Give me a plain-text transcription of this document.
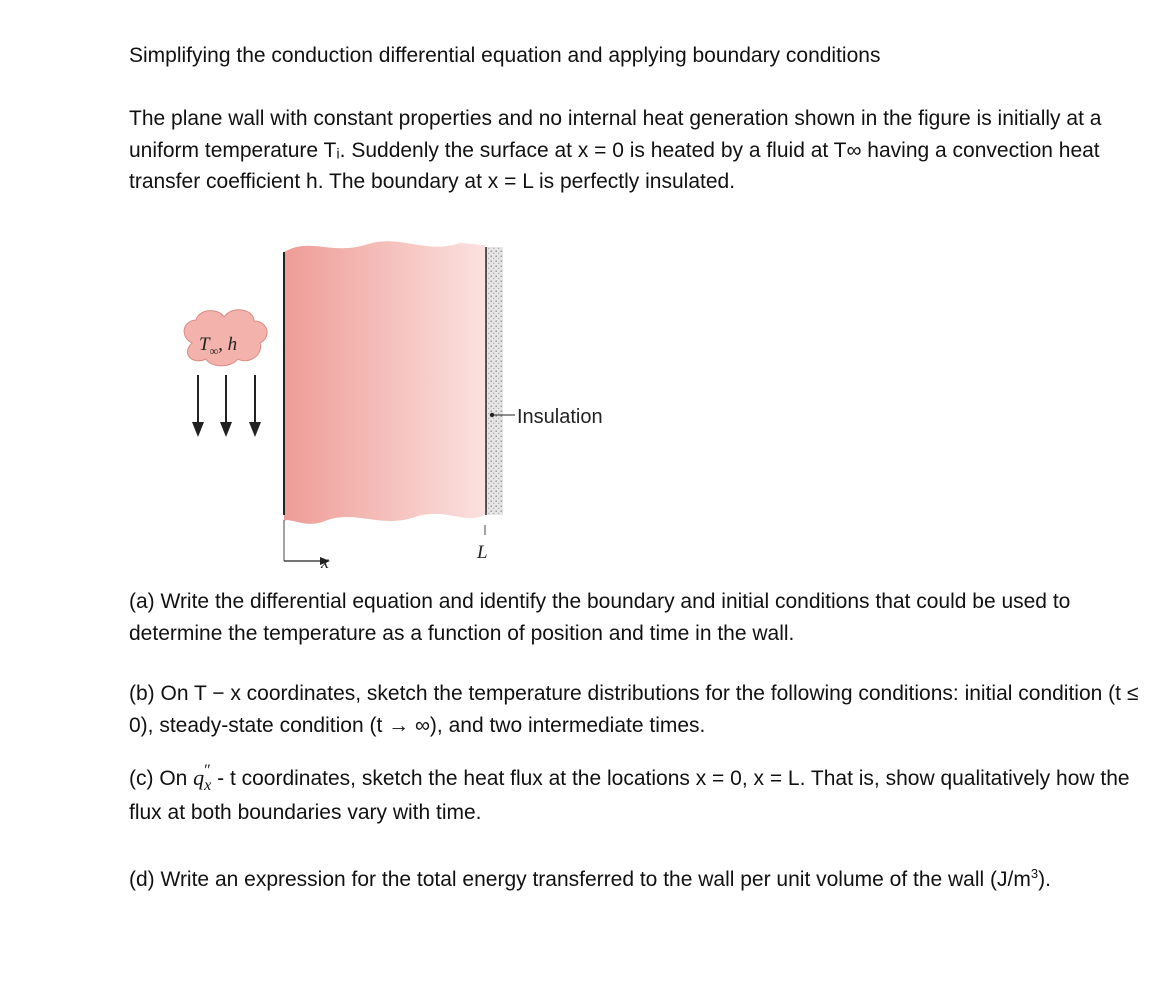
Simplifying the conduction differential equation and applying boundary conditions
The plane wall with constant properties and no internal heat generation shown in the figure is initially at a uniform temperature Tᵢ. Suddenly the surface at x = 0 is heated by a fluid at T∞ having a convection heat transfer coefficient h. The boundary at x = L is perfectly insulated.
Insulation
$T_\infty$, h
x	L
(a) Write the differential equation and identify the boundary and initial conditions that could be used to determine the temperature as a function of position and time in the wall.
(b) On T − x coordinates, sketch the temperature distributions for the following conditions: initial condition (t ≤ 0), steady-state condition (t → ∞), and two intermediate times.
(c) On q ″
$_x$ - t coordinates, sketch the heat flux at the locations x = 0, x = L. That is, show qualitatively how the flux at both boundaries vary with time.
(d) Write an expression for the total energy transferred to the wall per unit volume of the wall $(J/m^3)$.
